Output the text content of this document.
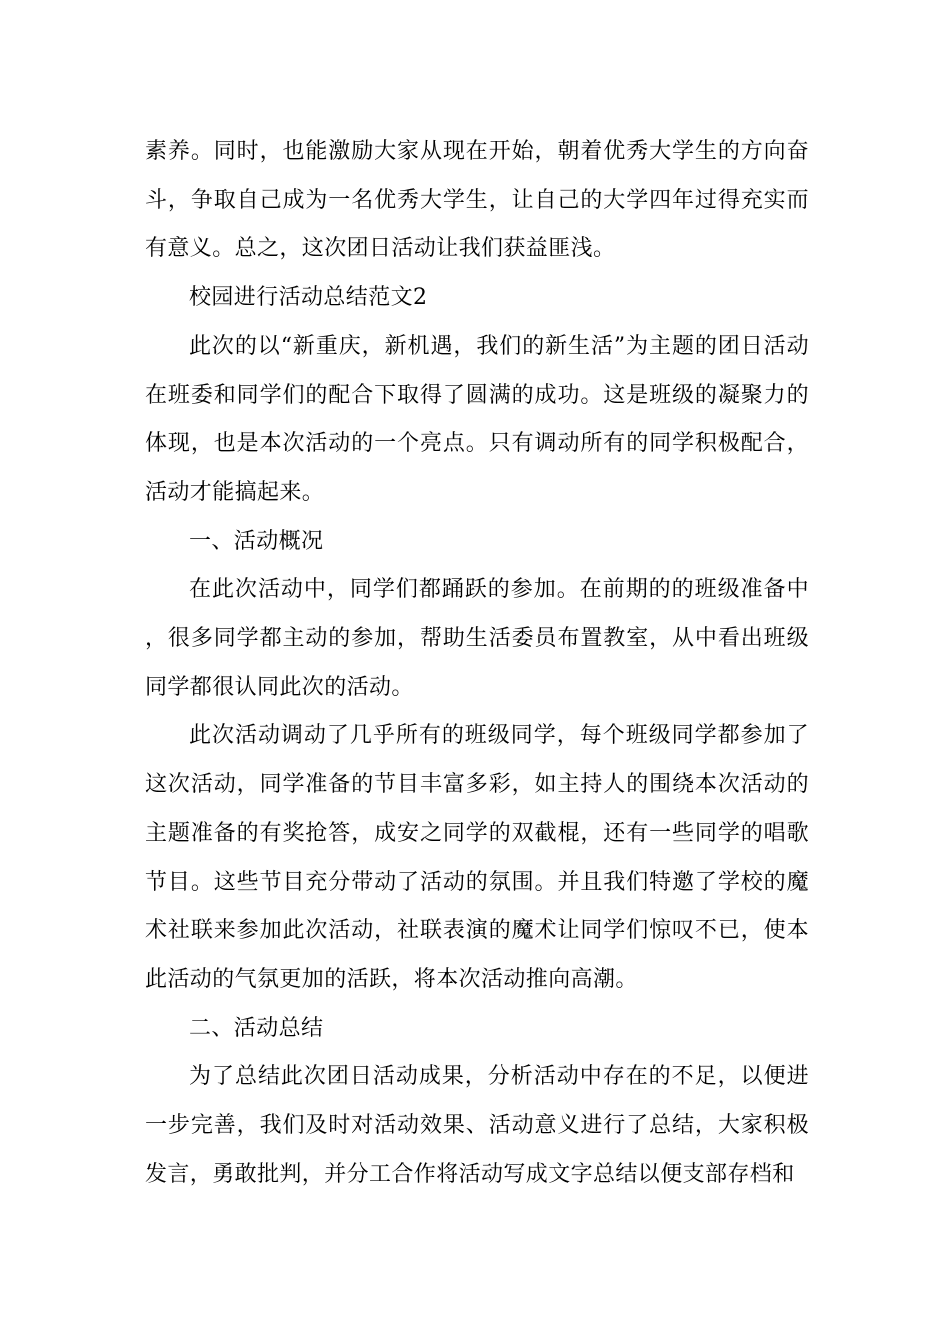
素养。同时，也能激励大家从现在开始，朝着优秀大学生的方向奋斗，争取自己成为一名优秀大学生，让自己的大学四年过得充实而有意义。总之，这次团日活动让我们获益匪浅。

校园进行活动总结范文2

此次的以“新重庆，新机遇，我们的新生活”为主题的团日活动在班委和同学们的配合下取得了圆满的成功。这是班级的凝聚力的体现，也是本次活动的一个亮点。只有调动所有的同学积极配合，活动才能搞起来。

一、活动概况

在此次活动中，同学们都踊跃的参加。在前期的的班级准备中，很多同学都主动的参加，帮助生活委员布置教室，从中看出班级同学都很认同此次的活动。

此次活动调动了几乎所有的班级同学，每个班级同学都参加了这次活动，同学准备的节目丰富多彩，如主持人的围绕本次活动的主题准备的有奖抢答，成安之同学的双截棍，还有一些同学的唱歌节目。这些节目充分带动了活动的氛围。并且我们特邀了学校的魔术社联来参加此次活动，社联表演的魔术让同学们惊叹不已，使本此活动的气氛更加的活跃，将本次活动推向高潮。

二、活动总结

为了总结此次团日活动成果，分析活动中存在的不足，以便进一步完善，我们及时对活动效果、活动意义进行了总结，大家积极发言，勇敢批判，并分工合作将活动写成文字总结以便支部存档和
